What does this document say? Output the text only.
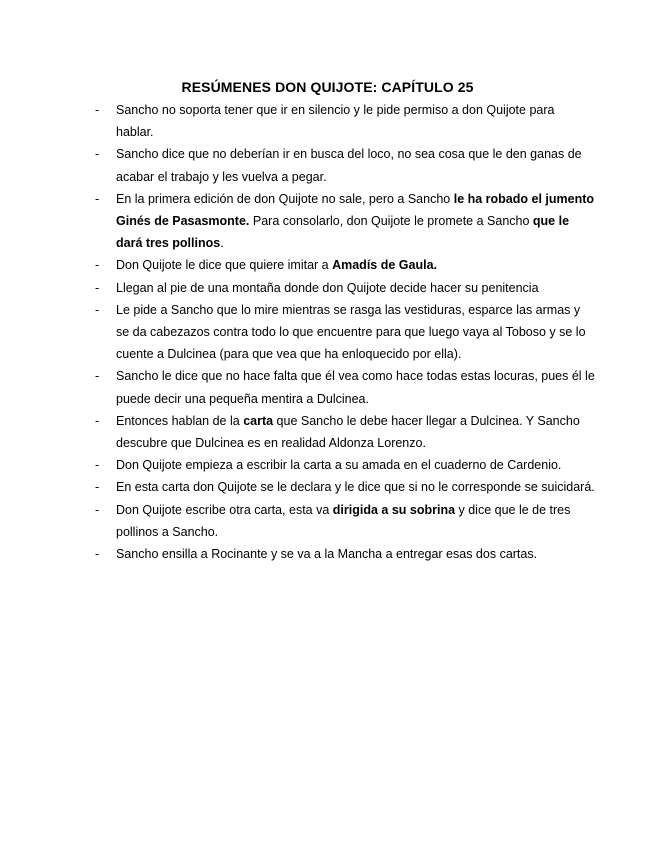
RESÚMENES DON QUIJOTE: CAPÍTULO 25
- Sancho no soporta tener que ir en silencio y le pide permiso a don Quijote para hablar.
- Sancho dice que no deberían ir en busca del loco, no sea cosa que le den ganas de acabar el trabajo y les vuelva a pegar.
- En la primera edición de don Quijote no sale, pero a Sancho le ha robado el jumento Ginés de Pasasmonte. Para consolarlo, don Quijote le promete a Sancho que le dará tres pollinos.
- Don Quijote le dice que quiere imitar a Amadís de Gaula.
- Llegan al pie de una montaña donde don Quijote decide hacer su penitencia
- Le pide a Sancho que lo mire mientras se rasga las vestiduras, esparce las armas y se da cabezazos contra todo lo que encuentre para que luego vaya al Toboso y se lo cuente a Dulcinea (para que vea que ha enloquecido por ella).
- Sancho le dice que no hace falta que él vea como hace todas estas locuras, pues él le puede decir una pequeña mentira a Dulcinea.
- Entonces hablan de la carta que Sancho le debe hacer llegar a Dulcinea. Y Sancho descubre que Dulcinea es en realidad Aldonza Lorenzo.
- Don Quijote empieza a escribir la carta a su amada en el cuaderno de Cardenio.
- En esta carta don Quijote se le declara y le dice que si no le corresponde se suicidará.
- Don Quijote escribe otra carta, esta va dirigida a su sobrina y dice que le de tres pollinos a Sancho.
- Sancho ensilla a Rocinante y se va a la Mancha a entregar esas dos cartas.
